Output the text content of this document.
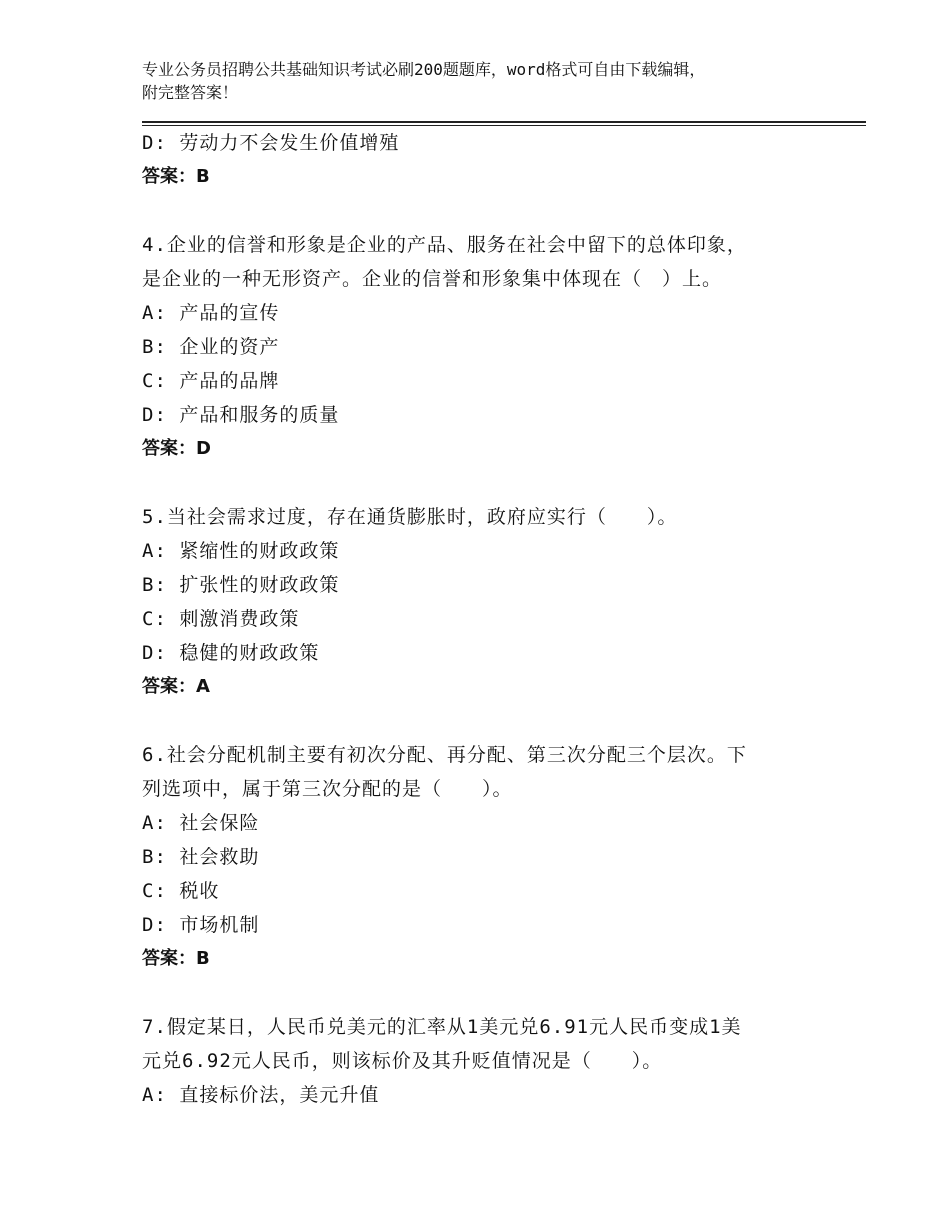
专业公务员招聘公共基础知识考试必刷200题题库，word格式可自由下载编辑，
附完整答案！
D: 劳动力不会发生价值增殖
答案：B
4.企业的信誉和形象是企业的产品、服务在社会中留下的总体印象，
是企业的一种无形资产。企业的信誉和形象集中体现在（　）上。
A: 产品的宣传
B: 企业的资产
C: 产品的品牌
D: 产品和服务的质量
答案：D
5.当社会需求过度，存在通货膨胀时，政府应实行（　　）。
A: 紧缩性的财政政策
B: 扩张性的财政政策
C: 刺激消费政策
D: 稳健的财政政策
答案：A
6.社会分配机制主要有初次分配、再分配、第三次分配三个层次。下
列选项中，属于第三次分配的是（　　）。
A: 社会保险
B: 社会救助
C: 税收
D: 市场机制
答案：B
7.假定某日，人民币兑美元的汇率从1美元兑6.91元人民币变成1美
元兑6.92元人民币，则该标价及其升贬值情况是（　　）。
A: 直接标价法，美元升值
